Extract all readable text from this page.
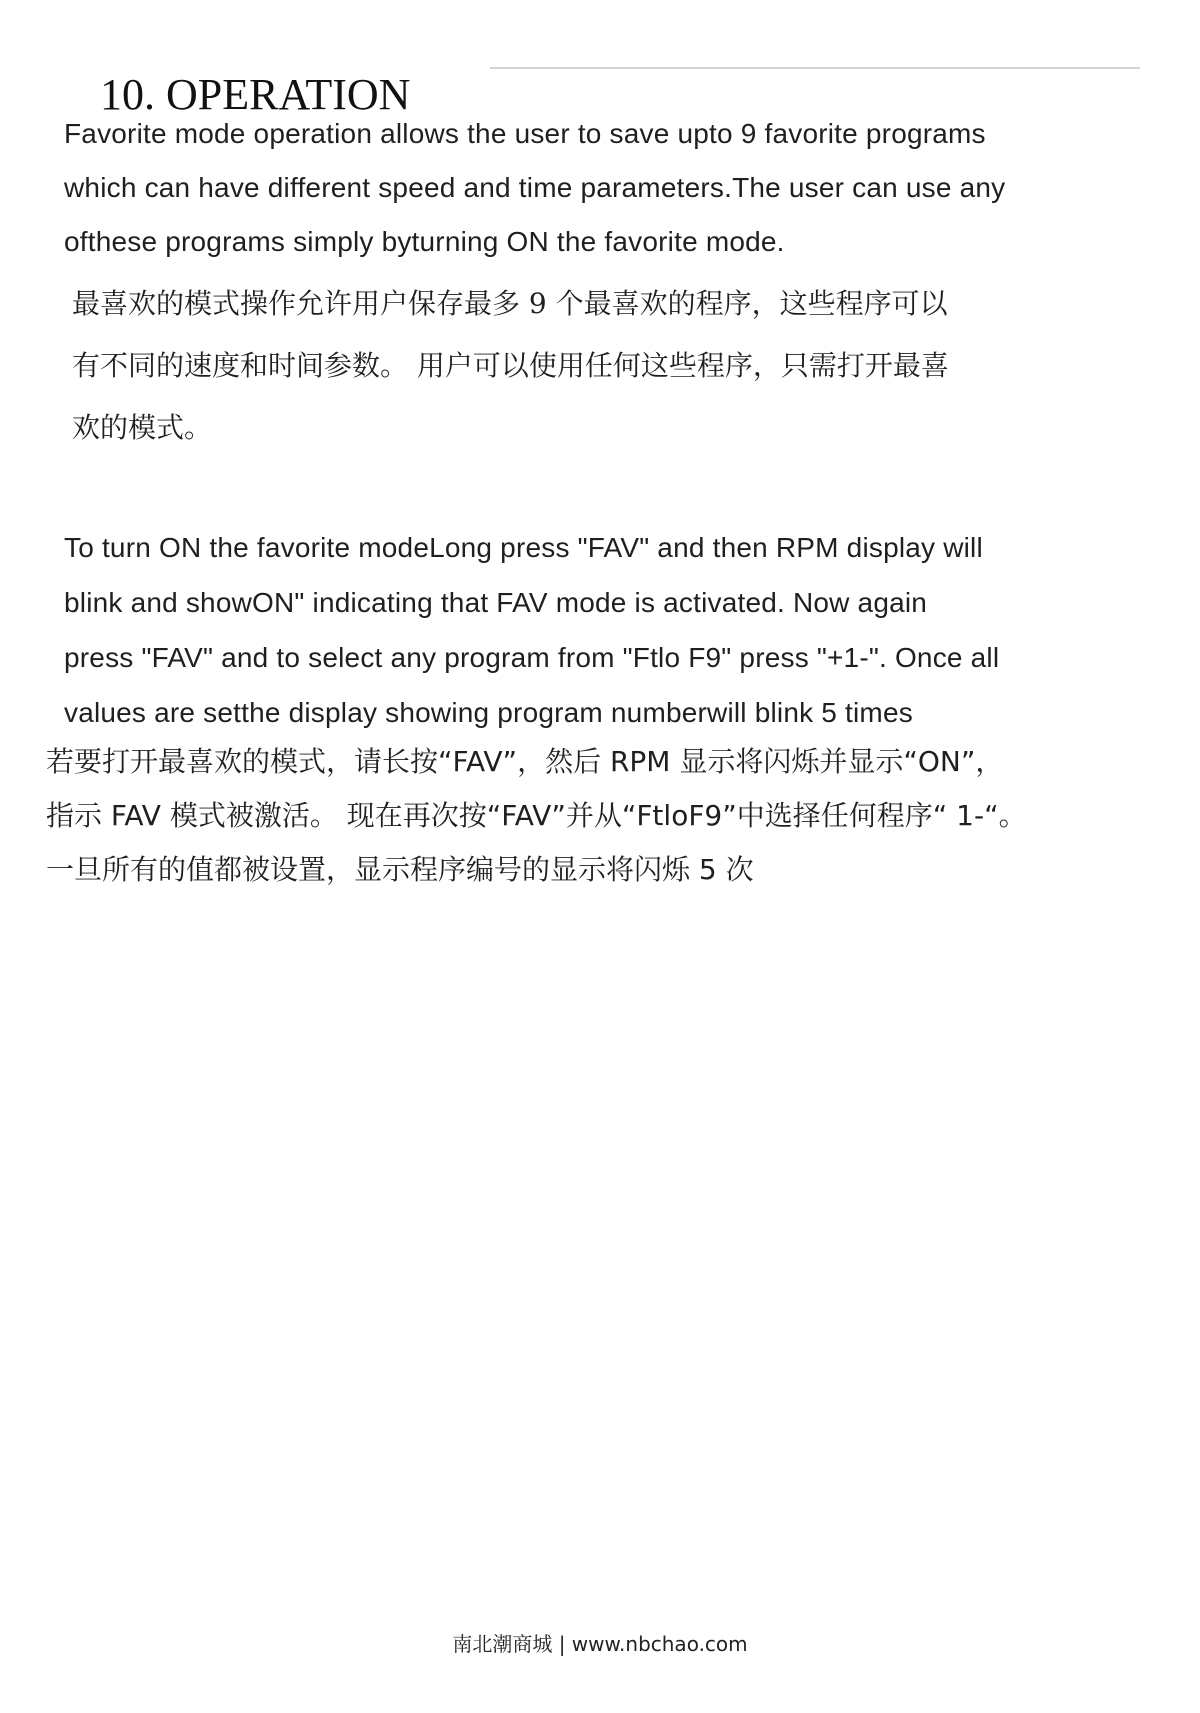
10. OPERATION
Favorite mode operation allows the user to save upto 9 favorite programs
which can have different speed and time parameters.The user can use any
ofthese programs simply byturning ON the favorite mode.
最喜欢的模式操作允许用户保存最多 9 个最喜欢的程序，这些程序可以
有不同的速度和时间参数。 用户可以使用任何这些程序，只需打开最喜
欢的模式。
To turn ON the favorite modeLong press "FAV" and then RPM display will
blink and showON" indicating that FAV mode is activated. Now again
press "FAV" and to select any program from "Ftlo F9" press "+1-". Once all
values are setthe display showing program numberwill blink 5 times
若要打开最喜欢的模式，请长按“FAV”，然后 RPM 显示将闪烁并显示“ON”，
指示 FAV 模式被激活。 现在再次按“FAV”并从“FtloF9”中选择任何程序“ 1-“。
一旦所有的值都被设置，显示程序编号的显示将闪烁 5 次
南北潮商城 | www.nbchao.com
